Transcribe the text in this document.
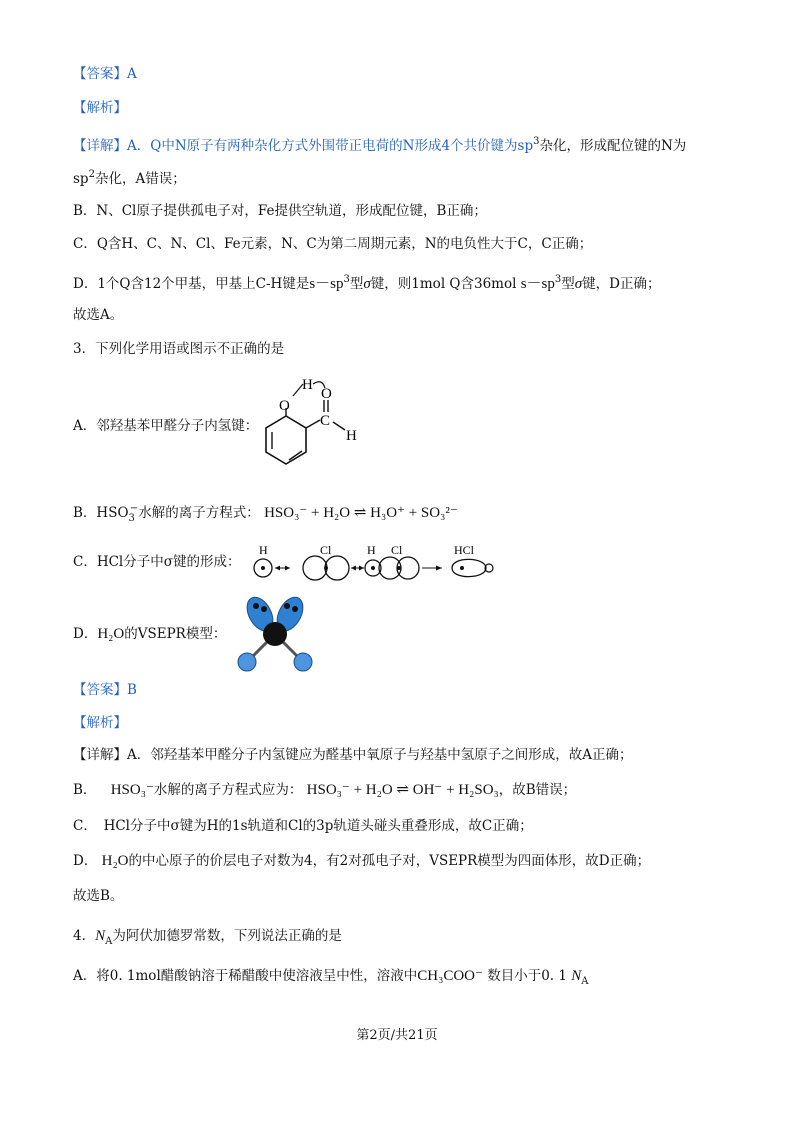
【答案】A
【解析】
【详解】A．Q中N原子有两种杂化方式外围带正电荷的N形成4个共价键为$sp^3$杂化，形成配位键的N为
$sp^2$杂化，A错误；
B．N、Cl原子提供孤电子对，Fe提供空轨道，形成配位键，B正确；
C．Q含H、C、N、Cl、Fe元素，N、C为第二周期元素，N的电负性大于C，C正确；
D．1个Q含12个甲基，甲基上C-H键是$s-sp^3$型σ键，则1mol Q含36mol $s-sp^3$型σ键，D正确；
故选A。
3．下列化学用语或图示不正确的是
A．邻羟基苯甲醛分子内氢键：
O
H
O
C
H
B．$HSO_3^-$水解的离子方程式： HSO₃⁻ + H₂O ⇌ H₃O⁺ + SO₃²⁻
C．HCl分子中σ键的形成：
H	Cl	H Cl	HCl
D．H₂O的VSEPR模型：
【答案】B
【解析】
【详解】A．邻羟基苯甲醛分子内氢键应为醛基中氧原子与羟基中氢原子之间形成，故A正确；
B． HSO₃⁻水解的离子方程式应为： HSO₃⁻ + H₂O ⇌ OH⁻ + H₂SO₃，故B错误；
C．　HCl分子中σ键为H的1s轨道和Cl的3p轨道头碰头重叠形成，故C正确；
D． H₂O的中心原子的价层电子对数为4，有2对孤电子对，VSEPR模型为四面体形，故D正确；
故选B。
4．$N_A$为阿伏加德罗常数，下列说法正确的是
A．将0. 1mol醋酸钠溶于稀醋酸中使溶液呈中性，溶液中CH₃COO⁻ 数目小于0. 1 $N_A$
第2页/共21页
